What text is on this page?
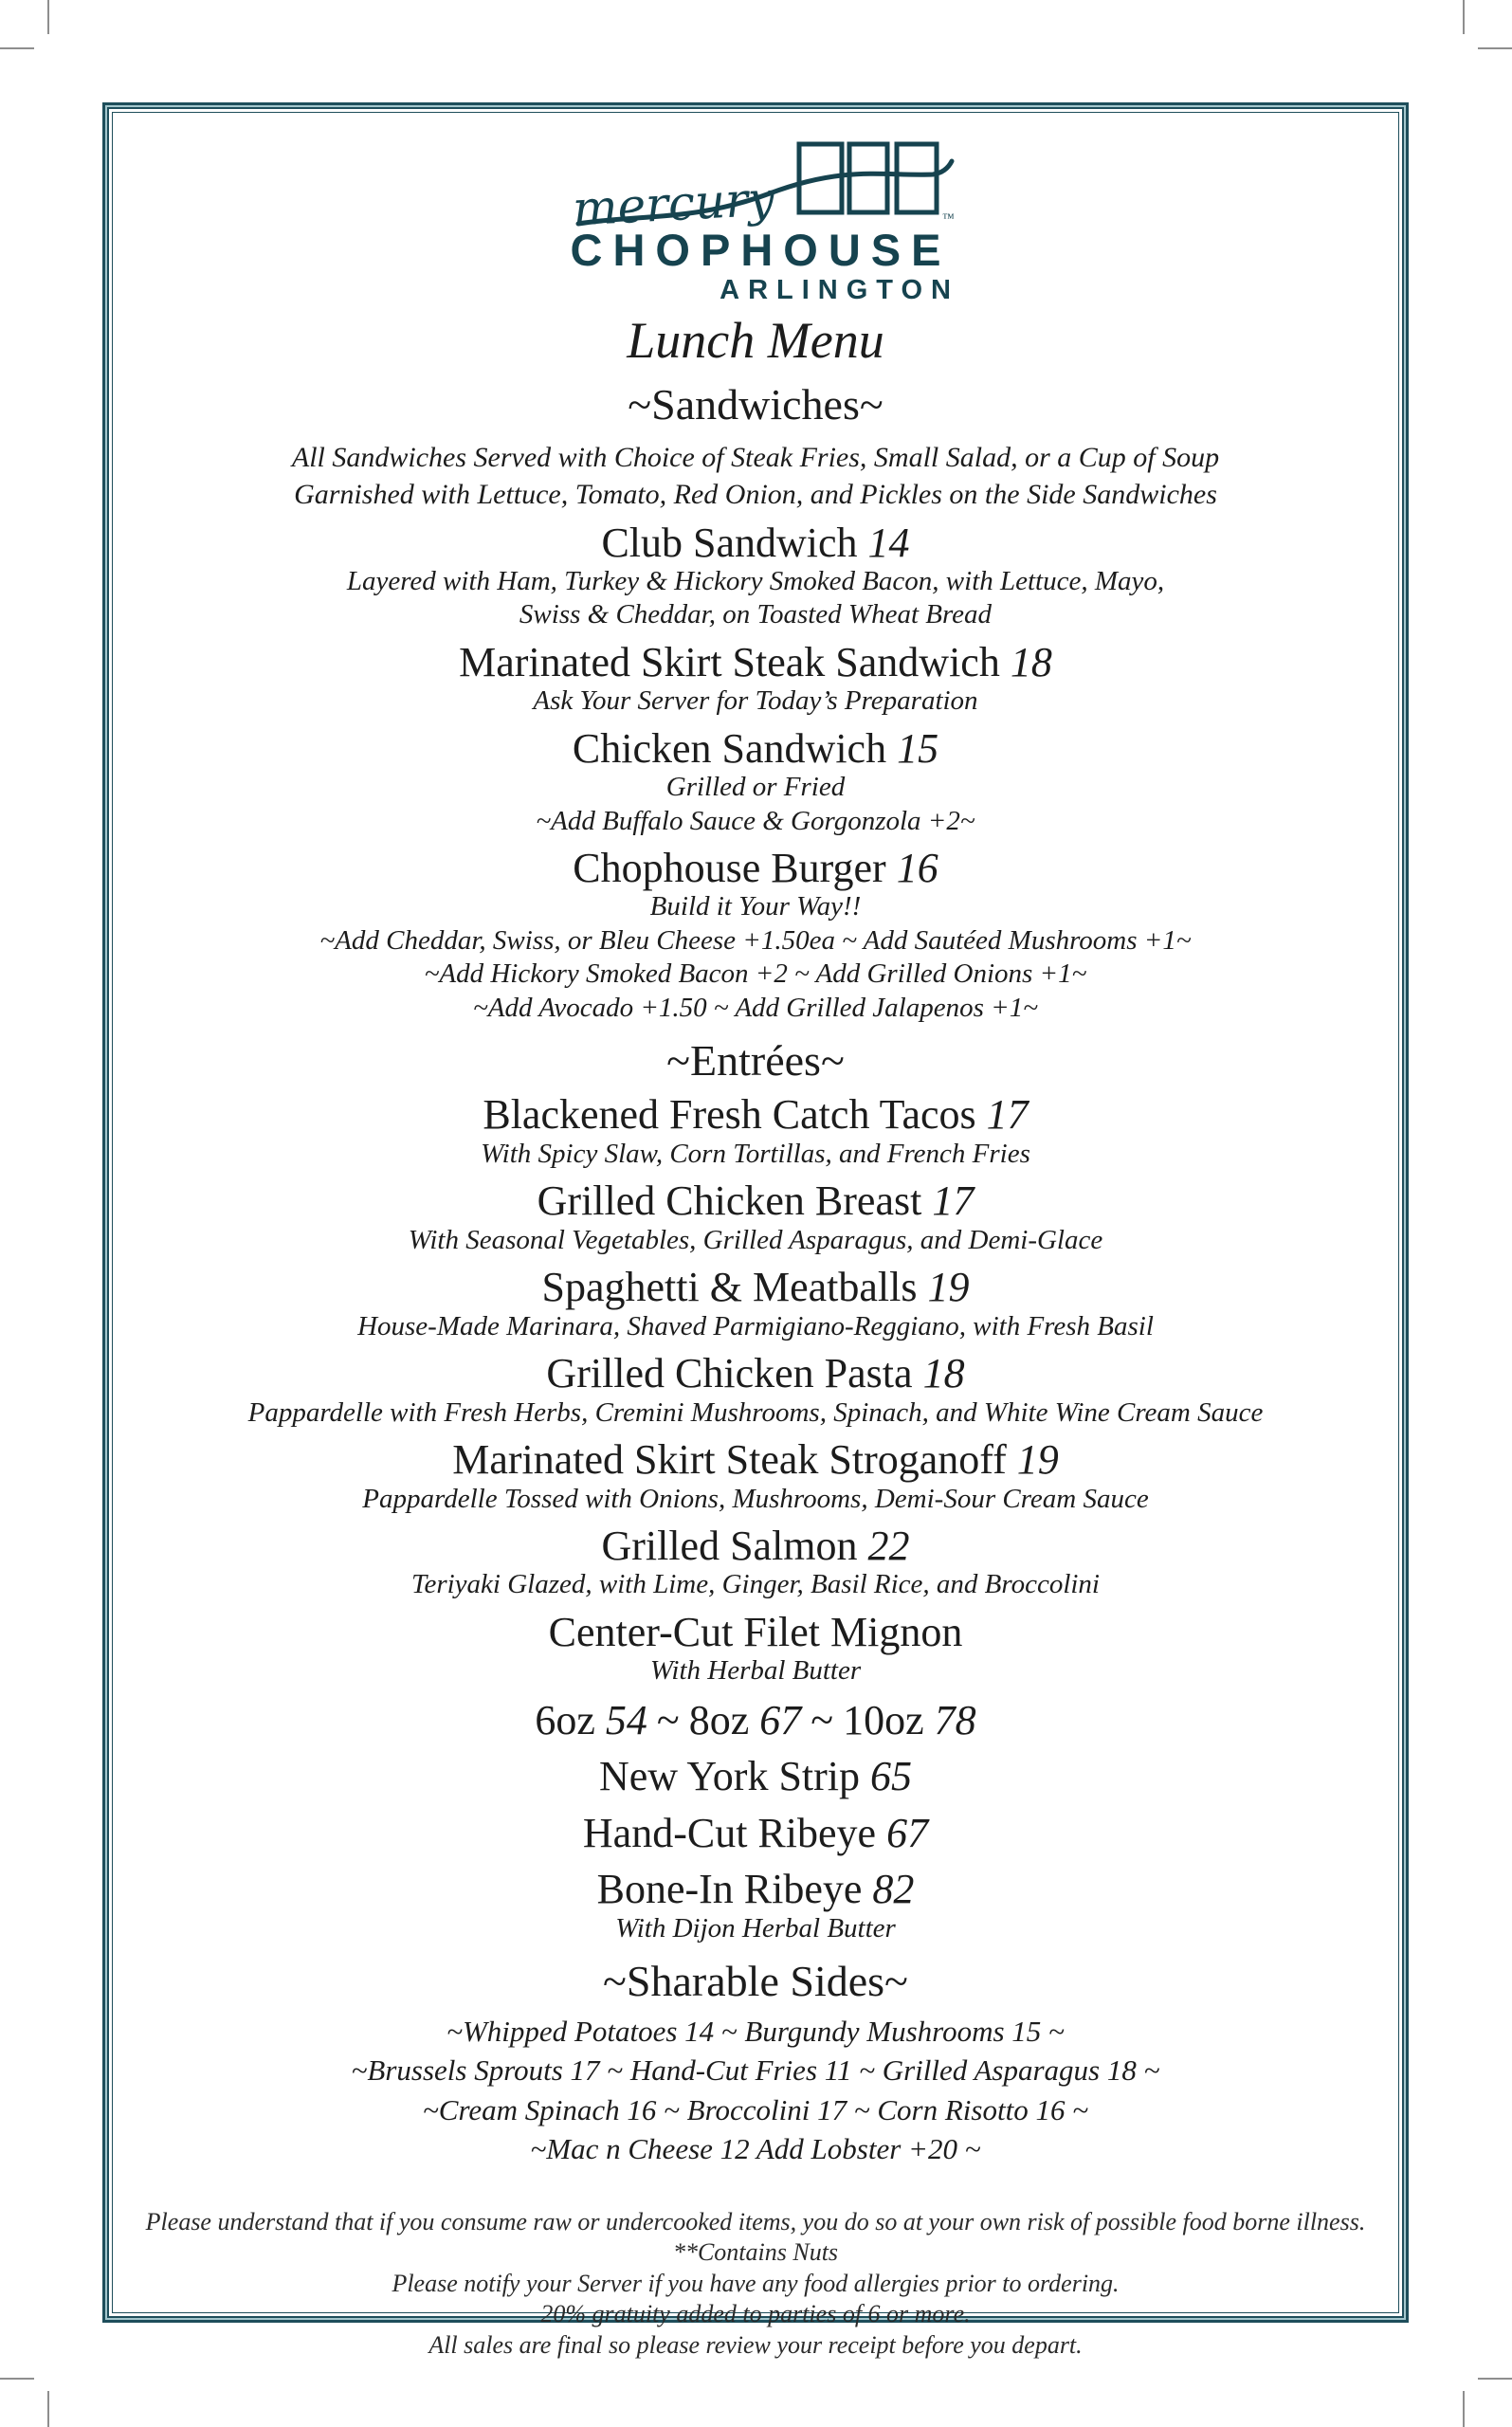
™
mercury
CHOPHOUSE
ARLINGTON
Lunch Menu
~Sandwiches~
All Sandwiches Served with Choice of Steak Fries, Small Salad, or a Cup of Soup
Garnished with Lettuce, Tomato, Red Onion, and Pickles on the Side Sandwiches
Club Sandwich 14
Layered with Ham, Turkey & Hickory Smoked Bacon, with Lettuce, Mayo,
Swiss & Cheddar, on Toasted Wheat Bread
Marinated Skirt Steak Sandwich 18
Ask Your Server for Today’s Preparation
Chicken Sandwich 15
Grilled or Fried
~Add Buffalo Sauce & Gorgonzola +2~
Chophouse Burger 16
Build it Your Way!!
~Add Cheddar, Swiss, or Bleu Cheese +1.50ea ~ Add Sautéed Mushrooms +1~
~Add Hickory Smoked Bacon +2 ~ Add Grilled Onions +1~
~Add Avocado +1.50 ~ Add Grilled Jalapenos +1~
~Entrées~
Blackened Fresh Catch Tacos 17
With Spicy Slaw, Corn Tortillas, and French Fries
Grilled Chicken Breast 17
With Seasonal Vegetables, Grilled Asparagus, and Demi-Glace
Spaghetti & Meatballs 19
House-Made Marinara, Shaved Parmigiano-Reggiano, with Fresh Basil
Grilled Chicken Pasta 18
Pappardelle with Fresh Herbs, Cremini Mushrooms, Spinach, and White Wine Cream Sauce
Marinated Skirt Steak Stroganoff 19
Pappardelle Tossed with Onions, Mushrooms, Demi-Sour Cream Sauce
Grilled Salmon 22
Teriyaki Glazed, with Lime, Ginger, Basil Rice, and Broccolini
Center-Cut Filet Mignon
With Herbal Butter
6oz 54 ~ 8oz 67 ~ 10oz 78
New York Strip 65
Hand-Cut Ribeye 67
Bone-In Ribeye 82
With Dijon Herbal Butter
~Sharable Sides~
~Whipped Potatoes 14 ~ Burgundy Mushrooms 15 ~
~Brussels Sprouts 17 ~ Hand-Cut Fries 11 ~ Grilled Asparagus 18 ~
~Cream Spinach 16 ~ Broccolini 17 ~ Corn Risotto 16 ~
~Mac n Cheese 12 Add Lobster +20 ~
Please understand that if you consume raw or undercooked items, you do so at your own risk of possible food borne illness.
**Contains Nuts
Please notify your Server if you have any food allergies prior to ordering.
20% gratuity added to parties of 6 or more.
All sales are final so please review your receipt before you depart.
